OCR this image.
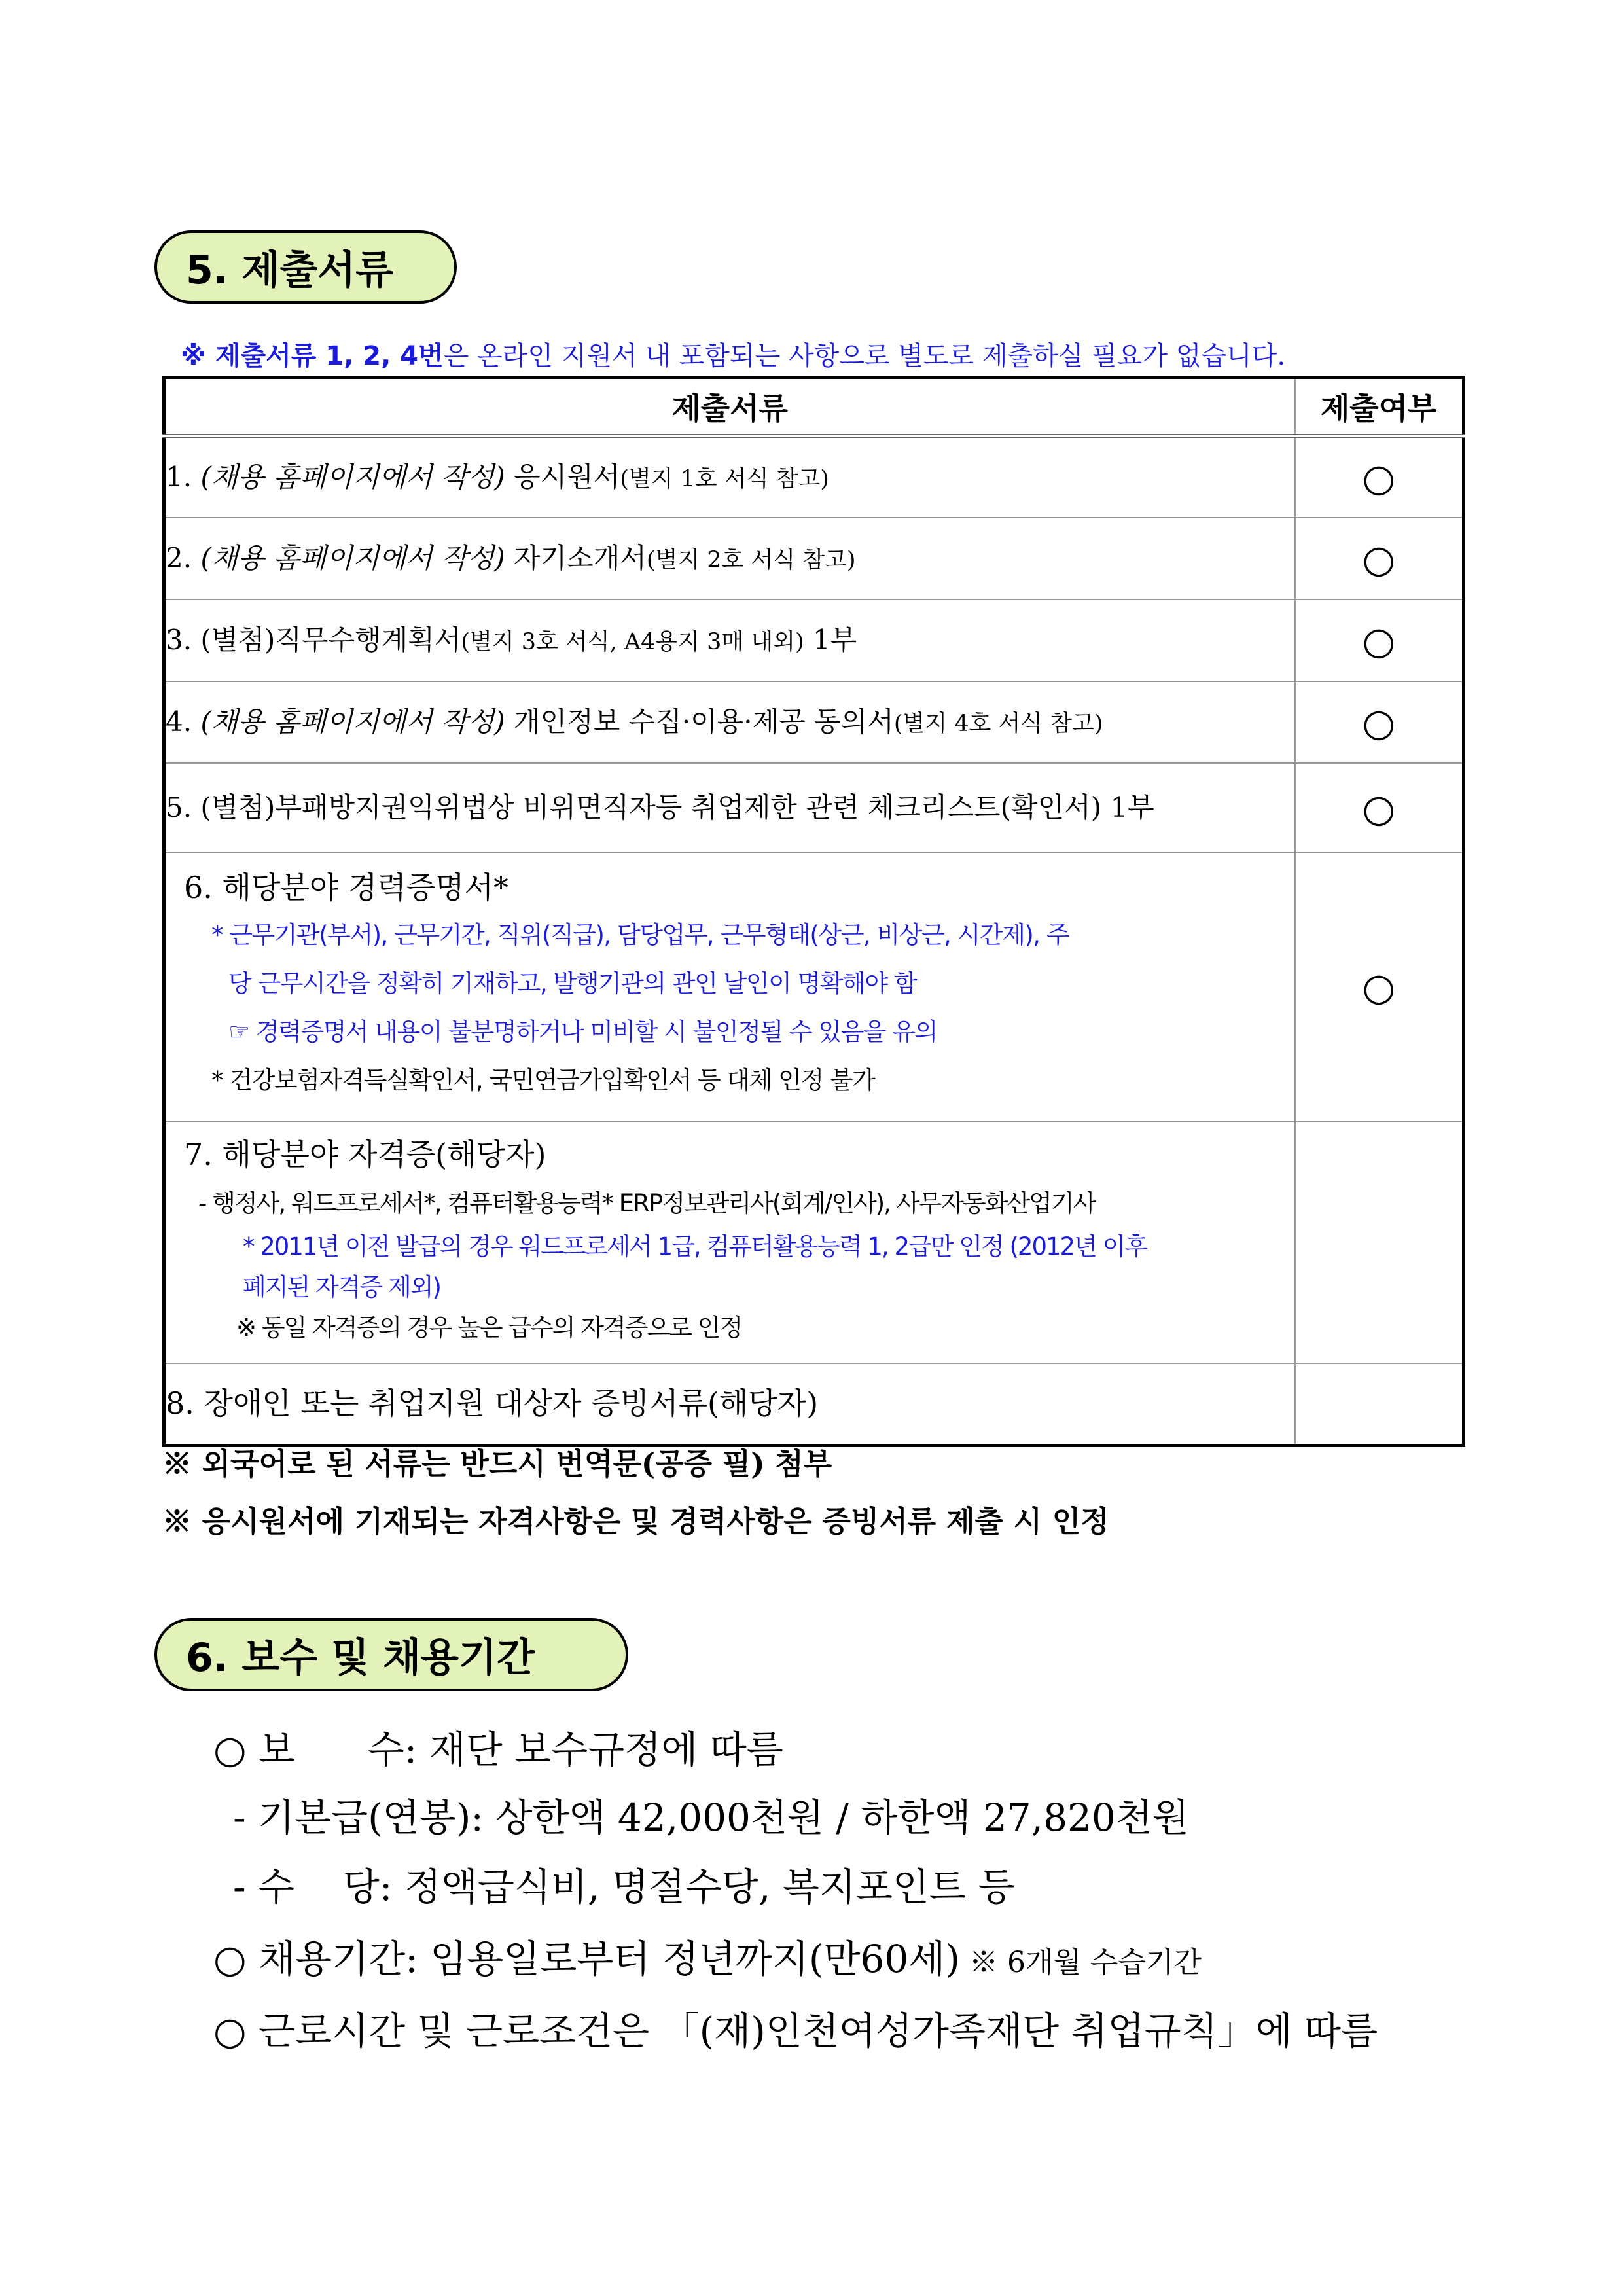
5. 제출서류
※ 제출서류 1, 2, 4번은 온라인 지원서 내 포함되는 사항으로 별도로 제출하실 필요가 없습니다.
제출서류	제출여부
1. (채용 홈페이지에서 작성) 응시원서(별지 1호 서식 참고)	○
2. (채용 홈페이지에서 작성) 자기소개서(별지 2호 서식 참고)	○
3. (별첨)직무수행계획서(별지 3호 서식, A4용지 3매 내외) 1부	○
4. (채용 홈페이지에서 작성) 개인정보 수집·이용·제공 동의서(별지 4호 서식 참고)	○
5. (별첨)부패방지권익위법상 비위면직자등 취업제한 관련 체크리스트(확인서) 1부	○

6. 해당분야 경력증명서*
* 근무기관(부서), 근무기간, 직위(직급), 담당업무, 근무형태(상근, 비상근, 시간제), 주
당 근무시간을 정확히 기재하고, 발행기관의 관인 날인이 명확해야 함
☞ 경력증명서 내용이 불분명하거나 미비할 시 불인정될 수 있음을 유의
* 건강보험자격득실확인서, 국민연금가입확인서 등 대체 인정 불가	○

7. 해당분야 자격증(해당자)
- 행정사, 워드프로세서*, 컴퓨터활용능력* ERP정보관리사(회계/인사), 사무자동화산업기사
* 2011년 이전 발급의 경우 워드프로세서 1급, 컴퓨터활용능력 1, 2급만 인정 (2012년 이후
폐지된 자격증 제외)
※ 동일 자격증의 경우 높은 급수의 자격증으로 인정	

8. 장애인 또는 취업지원 대상자 증빙서류(해당자)	
※ 외국어로 된 서류는 반드시 번역문(공증 필) 첨부
※ 응시원서에 기재되는 자격사항은 및 경력사항은 증빙서류 제출 시 인정
6. 보수 및 채용기간
○ 보      수: 재단 보수규정에 따름
- 기본급(연봉): 상한액 42,000천원 / 하한액 27,820천원
- 수    당: 정액급식비, 명절수당, 복지포인트 등
○ 채용기간: 임용일로부터 정년까지(만60세) ※ 6개월 수습기간
○ 근로시간 및 근로조건은 「(재)인천여성가족재단 취업규칙」에 따름
